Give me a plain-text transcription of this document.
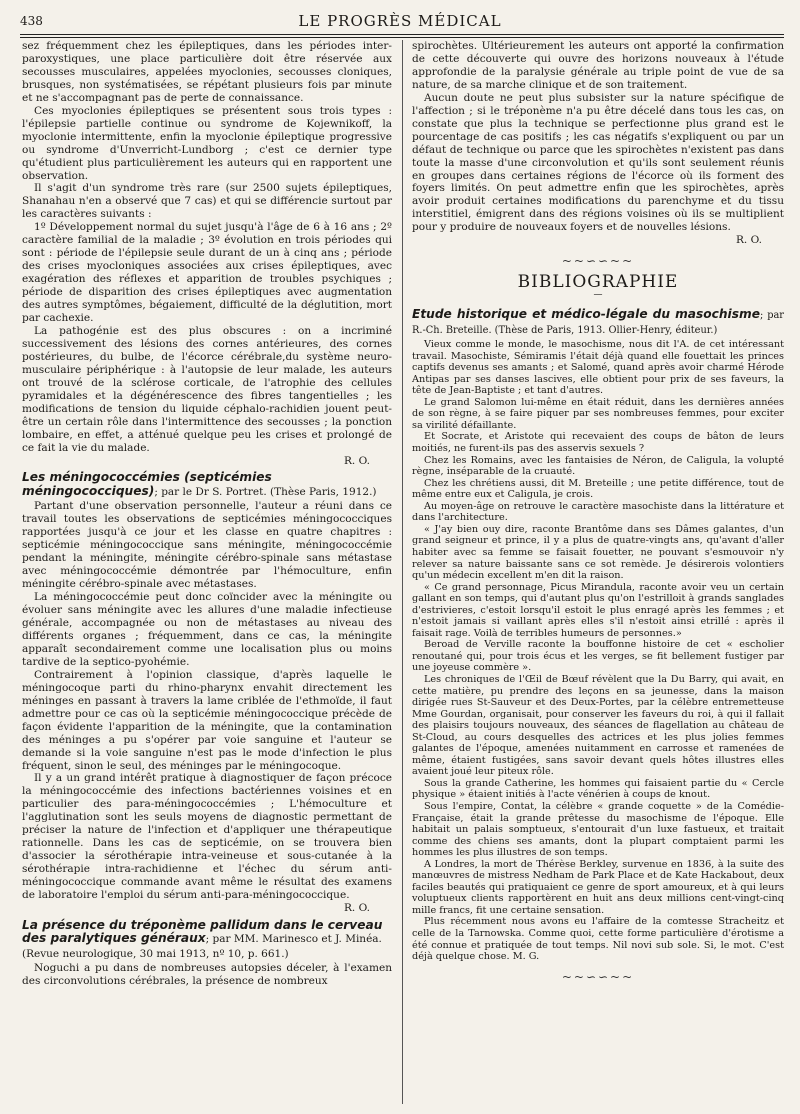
438	LE PROGRÈS MÉDICAL

sez fréquemment chez les épileptiques, dans les périodes inter-paroxystiques, une place particulière doit être réservée aux secousses musculaires, appelées myoclonies, secousses cloniques, brusques, non systématisées, se répétant plusieurs fois par minute et ne s'accompagnant pas de perte de connaissance.

Ces myoclonies épileptiques se présentent sous trois types : l'épilepsie partielle continue ou syndrome de Kojewnikoff, la myoclonie intermittente, enfin la myoclonie épileptique progressive ou syndrome d'Unverricht-Lundborg ; c'est ce dernier type qu'étudient plus particulièrement les auteurs qui en rapportent une observation.

Il s'agit d'un syndrome très rare (sur 2500 sujets épileptiques, Shanahau n'en a observé que 7 cas) et qui se différencie surtout par les caractères suivants :

1º Développement normal du sujet jusqu'à l'âge de 6 à 16 ans ; 2º caractère familial de la maladie ; 3º évolution en trois périodes qui sont : période de l'épilepsie seule durant de un à cinq ans ; période des crises myocloniques associées aux crises épileptiques, avec exagération des réflexes et apparition de troubles psychiques ; période de disparition des crises épileptiques avec augmentation des autres symptômes, bégaiement, difficulté de la déglutition, mort par cachexie.

La pathogénie est des plus obscures : on a incriminé successivement des lésions des cornes antérieures, des cornes postérieures, du bulbe, de l'écorce cérébrale,du système neuro-musculaire périphérique : à l'autopsie de leur malade, les auteurs ont trouvé de la sclérose corticale, de l'atrophie des cellules pyramidales et la dégénérescence des fibres tangentielles ; les modifications de tension du liquide céphalo-rachidien jouent peut-être un certain rôle dans l'intermittence des secousses ; la ponction lombaire, en effet, a atténué quelque peu les crises et prolongé de ce fait la vie du malade.

R. O.
Les méningococcémies (septicémies méningococciques); par le Dr S. Portret. (Thèse Paris, 1912.)

Partant d'une observation personnelle, l'auteur a réuni dans ce travail toutes les observations de septicémies méningococciques rapportées jusqu'à ce jour et les classe en quatre chapitres : septicémie méningococcique sans méningite, méningococcémie pendant la méningite, méningite cérébro-spinale sans métastase avec méningococcémie démontrée par l'hémoculture, enfin méningite cérébro-spinale avec métastases.

La méningococcémie peut donc coïncider avec la méningite ou évoluer sans méningite avec les allures d'une maladie infectieuse générale, accompagnée ou non de métastases au niveau des différents organes ; fréquemment, dans ce cas, la méningite apparaît secondairement comme une localisation plus ou moins tardive de la septico-pyohémie.

Contrairement à l'opinion classique, d'après laquelle le méningocoque parti du rhino-pharynx envahit directement les méninges en passant à travers la lame criblée de l'ethmoïde, il faut admettre pour ce cas où la septicémie méningococcique précède de façon évidente l'apparition de la méningite, que la contamination des méninges a pu s'opérer par voie sanguine et l'auteur se demande si la voie sanguine n'est pas le mode d'infection le plus fréquent, sinon le seul, des méninges par le méningocoque.

Il y a un grand intérêt pratique à diagnostiquer de façon précoce la méningococcémie des infections bactériennes voisines et en particulier des para-méningococcémies ; L'hémoculture et l'agglutination sont les seuls moyens de diagnostic permettant de préciser la nature de l'infection et d'appliquer une thérapeutique rationnelle. Dans les cas de septicémie, on se trouvera bien d'associer la sérothérapie intra-veineuse et sous-cutanée à la sérothérapie intra-rachidienne et l'échec du sérum anti-méningococcique commande avant même le résultat des examens de laboratoire l'emploi du sérum anti-para-méningococcique.

R. O.
La présence du tréponème pallidum dans le cerveau des paralytiques généraux; par MM. Marinesco et J. Minéa. (Revue neurologique, 30 mai 1913, nº 10, p. 661.)

Noguchi a pu dans de nombreuses autopsies déceler, à l'examen des circonvolutions cérébrales, la présence de nombreux

spirochètes. Ultérieurement les auteurs ont apporté la confirmation de cette découverte qui ouvre des horizons nouveaux à l'étude approfondie de la paralysie générale au triple point de vue de sa nature, de sa marche clinique et de son traitement.

Aucun doute ne peut plus subsister sur la nature spécifique de l'affection ; si le tréponème n'a pu être décelé dans tous les cas, on constate que plus la technique se perfectionne plus grand est le pourcentage de cas positifs ; les cas négatifs s'expliquent ou par un défaut de technique ou parce que les spirochètes n'existent pas dans toute la masse d'une circonvolution et qu'ils sont seulement réunis en groupes dans certaines régions de l'écorce où ils forment des foyers limités. On peut admettre enfin que les spirochètes, après avoir produit certaines modifications du parenchyme et du tissu interstitiel, émigrent dans des régions voisines où ils se multiplient pour y produire de nouveaux foyers et de nouvelles lésions.

R. O.
~~∽∽~~
BIBLIOGRAPHIE
—
Etude historique et médico-légale du masochisme; par R.-Ch. Breteille. (Thèse de Paris, 1913. Ollier-Henry, éditeur.)

Vieux comme le monde, le masochisme, nous dit l'A. de cet intéressant travail. Masochiste, Sémiramis l'était déjà quand elle fouettait les princes captifs devenus ses amants ; et Salomé, quand après avoir charmé Hérode Antipas par ses danses lascives, elle obtient pour prix de ses faveurs, la tête de Jean-Baptiste ; et tant d'autres.

Le grand Salomon lui-même en était réduit, dans les dernières années de son règne, à se faire piquer par ses nombreuses femmes, pour exciter sa virilité défaillante.

Et Socrate, et Aristote qui recevaient des coups de bâton de leurs moitiés, ne furent-ils pas des asservis sexuels ?

Chez les Romains, avec les fantaisies de Néron, de Caligula, la volupté règne, inséparable de la cruauté.

Chez les chrétiens aussi, dit M. Breteille ; une petite différence, tout de même entre eux et Caligula, je crois.

Au moyen-âge on retrouve le caractère masochiste dans la littérature et dans l'architecture.

« J'ay bien ouy dire, raconte Brantôme dans ses Dâmes galantes, d'un grand seigneur et prince, il y a plus de quatre-vingts ans, qu'avant d'aller habiter avec sa femme se faisait fouetter, ne pouvant s'esmouvoir n'y relever sa nature baissante sans ce sot remède. Je désirerois volontiers qu'un médecin excellent m'en dit la raison.

« Ce grand personnage, Picus Mirandula, raconte avoir veu un certain gallant en son temps, qui d'autant plus qu'on l'estrilloit à grands sanglades d'estrivieres, c'estoit lorsqu'il estoit le plus enragé après les femmes ; et n'estoit jamais si vaillant après elles s'il n'estoit ainsi etrillé : après il faisait rage. Voilà de terribles humeurs de personnes.»

Beroad de Verville raconte la bouffonne histoire de cet « escholier renoutané qui, pour trois écus et les verges, se fit bellement fustiger par une joyeuse commère ».

Les chroniques de l'Œil de Bœuf révèlent que la Du Barry, qui avait, en cette matière, pu prendre des leçons en sa jeunesse, dans la maison dirigée rues St-Sauveur et des Deux-Portes, par la célèbre entremetteuse Mme Gourdan, organisait, pour conserver les faveurs du roi, à qui il fallait des plaisirs toujours nouveaux, des séances de flagellation au château de St-Cloud, au cours desquelles des actrices et les plus jolies femmes galantes de l'époque, amenées nuitamment en carrosse et ramenées de même, étaient fustigées, sans savoir devant quels hôtes illustres elles avaient joué leur piteux rôle.

Sous la grande Catherine, les hommes qui faisaient partie du « Cercle physique » étaient initiés à l'acte vénérien à coups de knout.

Sous l'empire, Contat, la célèbre « grande coquette » de la Comédie-Française, était la grande prêtesse du masochisme de l'époque. Elle habitait un palais somptueux, s'entourait d'un luxe fastueux, et traitait comme des chiens ses amants, dont la plupart comptaient parmi les hommes les plus illustres de son temps.

A Londres, la mort de Thérèse Berkley, survenue en 1836, à la suite des manœuvres de mistress Nedham de Park Place et de Kate Hackabout, deux faciles beautés qui pratiquaient ce genre de sport amoureux, et à qui leurs voluptueux clients rapportèrent en huit ans deux millions cent-vingt-cinq mille francs, fit une certaine sensation.

Plus récemment nous avons eu l'affaire de la comtesse Stracheitz et celle de la Tarnowska. Comme quoi, cette forme particulière d'érotisme a été connue et pratiquée de tout temps. Nil novi sub sole. Si, le mot. C'est déjà quelque chose. M. G.

~~∽∽~~
